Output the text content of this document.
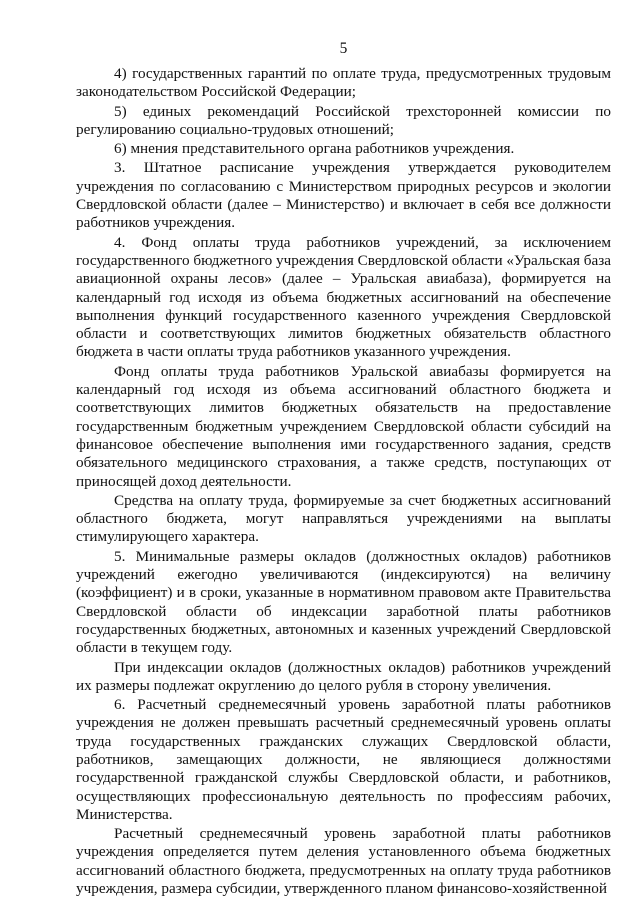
5

4) государственных гарантий по оплате труда, предусмотренных трудовым законодательством Российской Федерации;

5) единых рекомендаций Российской трехсторонней комиссии по регулированию социально-трудовых отношений;

6) мнения представительного органа работников учреждения.

3. Штатное расписание учреждения утверждается руководителем учреждения по согласованию с Министерством природных ресурсов и экологии Свердловской области (далее – Министерство) и включает в себя все должности работников учреждения.

4. Фонд оплаты труда работников учреждений, за исключением государственного бюджетного учреждения Свердловской области «Уральская база авиационной охраны лесов» (далее – Уральская авиабаза), формируется на календарный год исходя из объема бюджетных ассигнований на обеспечение выполнения функций государственного казенного учреждения Свердловской области и соответствующих лимитов бюджетных обязательств областного бюджета в части оплаты труда работников указанного учреждения.

Фонд оплаты труда работников Уральской авиабазы формируется на календарный год исходя из объема ассигнований областного бюджета и соответствующих лимитов бюджетных обязательств на предоставление государственным бюджетным учреждением Свердловской области субсидий на финансовое обеспечение выполнения ими государственного задания, средств обязательного медицинского страхования, а также средств, поступающих от приносящей доход деятельности.

Средства на оплату труда, формируемые за счет бюджетных ассигнований областного бюджета, могут направляться учреждениями на выплаты стимулирующего характера.

5. Минимальные размеры окладов (должностных окладов) работников учреждений ежегодно увеличиваются (индексируются) на величину (коэффициент) и в сроки, указанные в нормативном правовом акте Правительства Свердловской области об индексации заработной платы работников государственных бюджетных, автономных и казенных учреждений Свердловской области в текущем году.

При индексации окладов (должностных окладов) работников учреждений их размеры подлежат округлению до целого рубля в сторону увеличения.

6. Расчетный среднемесячный уровень заработной платы работников учреждения не должен превышать расчетный среднемесячный уровень оплаты труда государственных гражданских служащих Свердловской области, работников, замещающих должности, не являющиеся должностями государственной гражданской службы Свердловской области, и работников, осуществляющих профессиональную деятельность по профессиям рабочих, Министерства.

Расчетный среднемесячный уровень заработной платы работников учреждения определяется путем деления установленного объема бюджетных ассигнований областного бюджета, предусмотренных на оплату труда работников учреждения, размера субсидии, утвержденного планом финансово-хозяйственной
